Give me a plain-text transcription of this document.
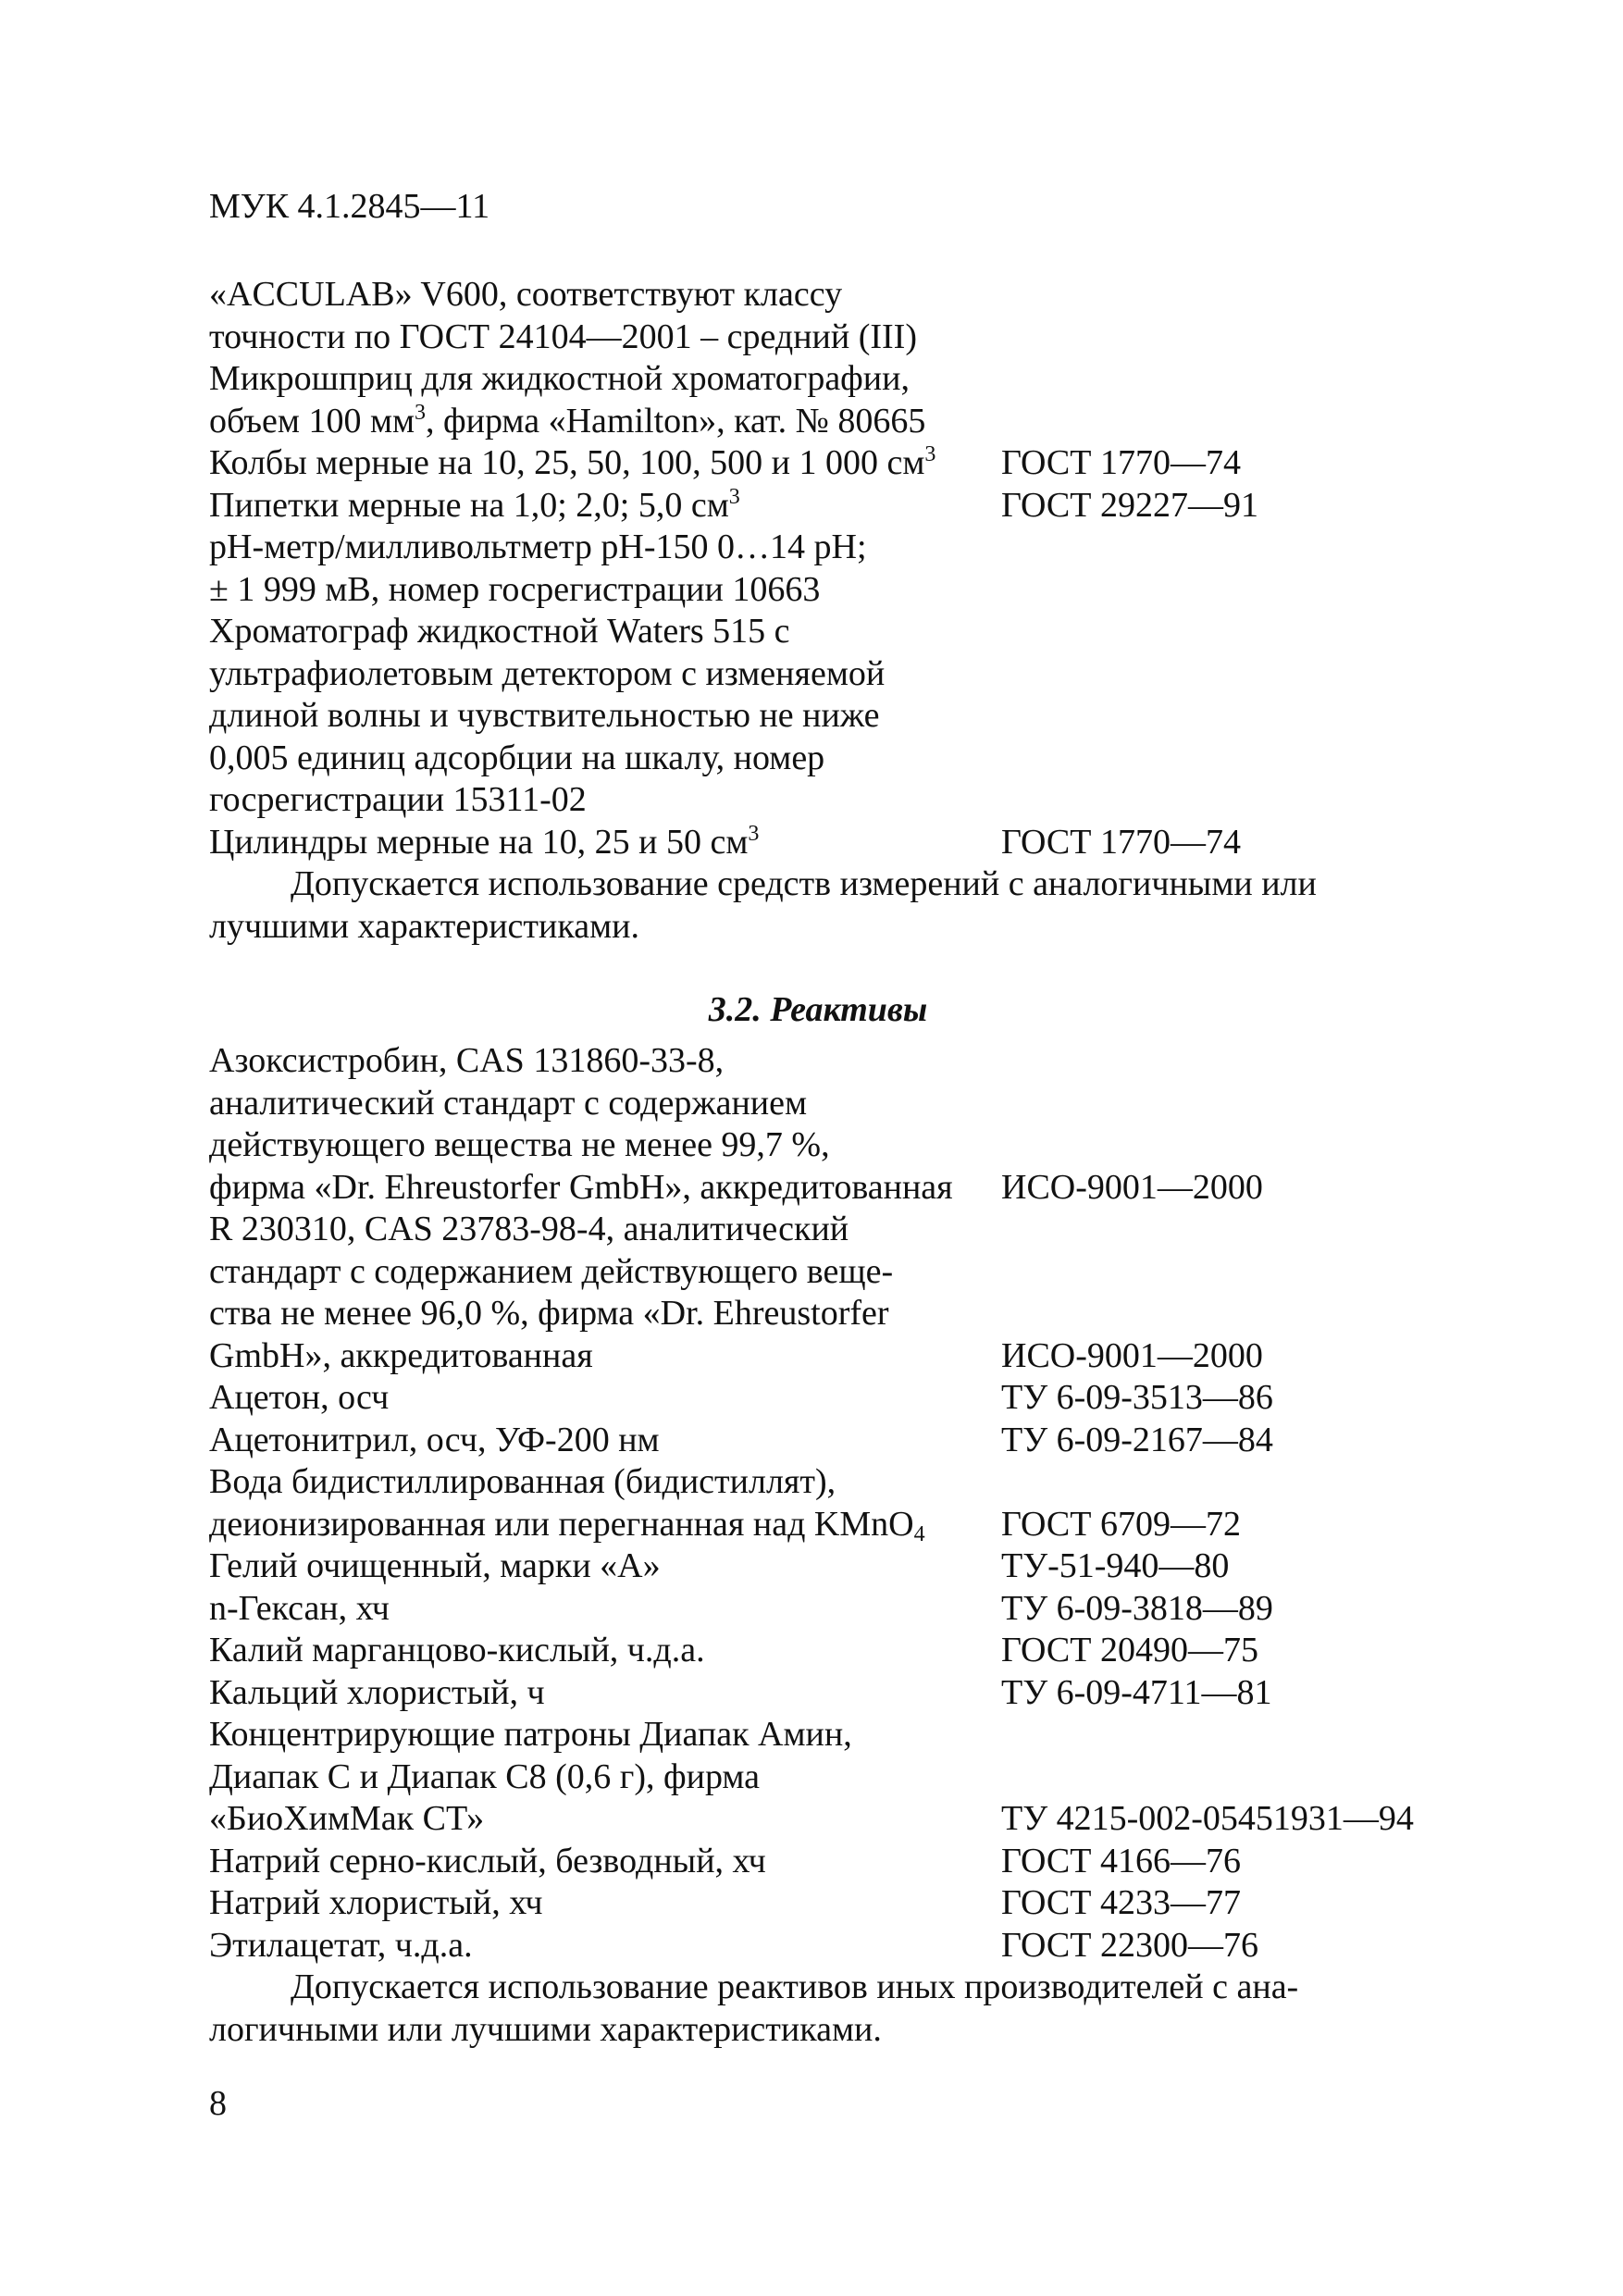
МУК 4.1.2845—11
«ACCULAB» V600, соответствуют классу
точности по ГОСТ 24104—2001 – средний (III)
Микрошприц для жидкостной хроматографии,
объем 100 $мм^3$, фирма «Hamilton», кат. № 80665
Колбы мерные на 10, 25, 50, 100, 500 и 1 000 $см^3$ ГОСТ 1770—74
Пипетки мерные на 1,0; 2,0; 5,0 $см^3$	ГОСТ 29227—91
pH-метр/милливольтметр pH-150 0…14 pH;
± 1 999 мВ, номер госрегистрации 10663
Хроматограф жидкостной Waters 515 с
ультрафиолетовым детектором с изменяемой
длиной волны и чувствительностью не ниже
0,005 единиц адсорбции на шкалу, номер
госрегистрации 15311-02
Цилиндры мерные на 10, 25 и 50 $см^3$	ГОСТ 1770—74
Допускается использование средств измерений с аналогичными или
лучшими характеристиками.
3.2. Реактивы
Азоксистробин, CAS 131860-33-8,
аналитический стандарт с содержанием
действующего вещества не менее 99,7 %,
фирма «Dr. Ehreustorfer GmbH», аккредитованная ИСО-9001—2000
R 230310, CAS 23783-98-4, аналитический
стандарт с содержанием действующего веще-
ства не менее 96,0 %, фирма «Dr. Ehreustorfer
GmbH», аккредитованная	ИСО-9001—2000
Ацетон, осч	ТУ 6-09-3513—86
Ацетонитрил, осч, УФ-200 нм	ТУ 6-09-2167—84
Вода бидистиллированная (бидистиллят),
деионизированная или перегнанная над KMnO$_4$ ГОСТ 6709—72
Гелий очищенный, марки «А»	ТУ-51-940—80
n-Гексан, хч	ТУ 6-09-3818—89
Калий марганцово-кислый, ч.д.а.	ГОСТ 20490—75
Кальций хлористый, ч	ТУ 6-09-4711—81
Концентрирующие патроны Диапак Амин,
Диапак С и Диапак С8 (0,6 г), фирма
«БиоХимМак СТ»	ТУ 4215-002-05451931—94
Натрий серно-кислый, безводный, хч	ГОСТ 4166—76
Натрий хлористый, хч	ГОСТ 4233—77
Этилацетат, ч.д.а.	ГОСТ 22300—76
Допускается использование реактивов иных производителей с ана-
логичными или лучшими характеристиками.
8
